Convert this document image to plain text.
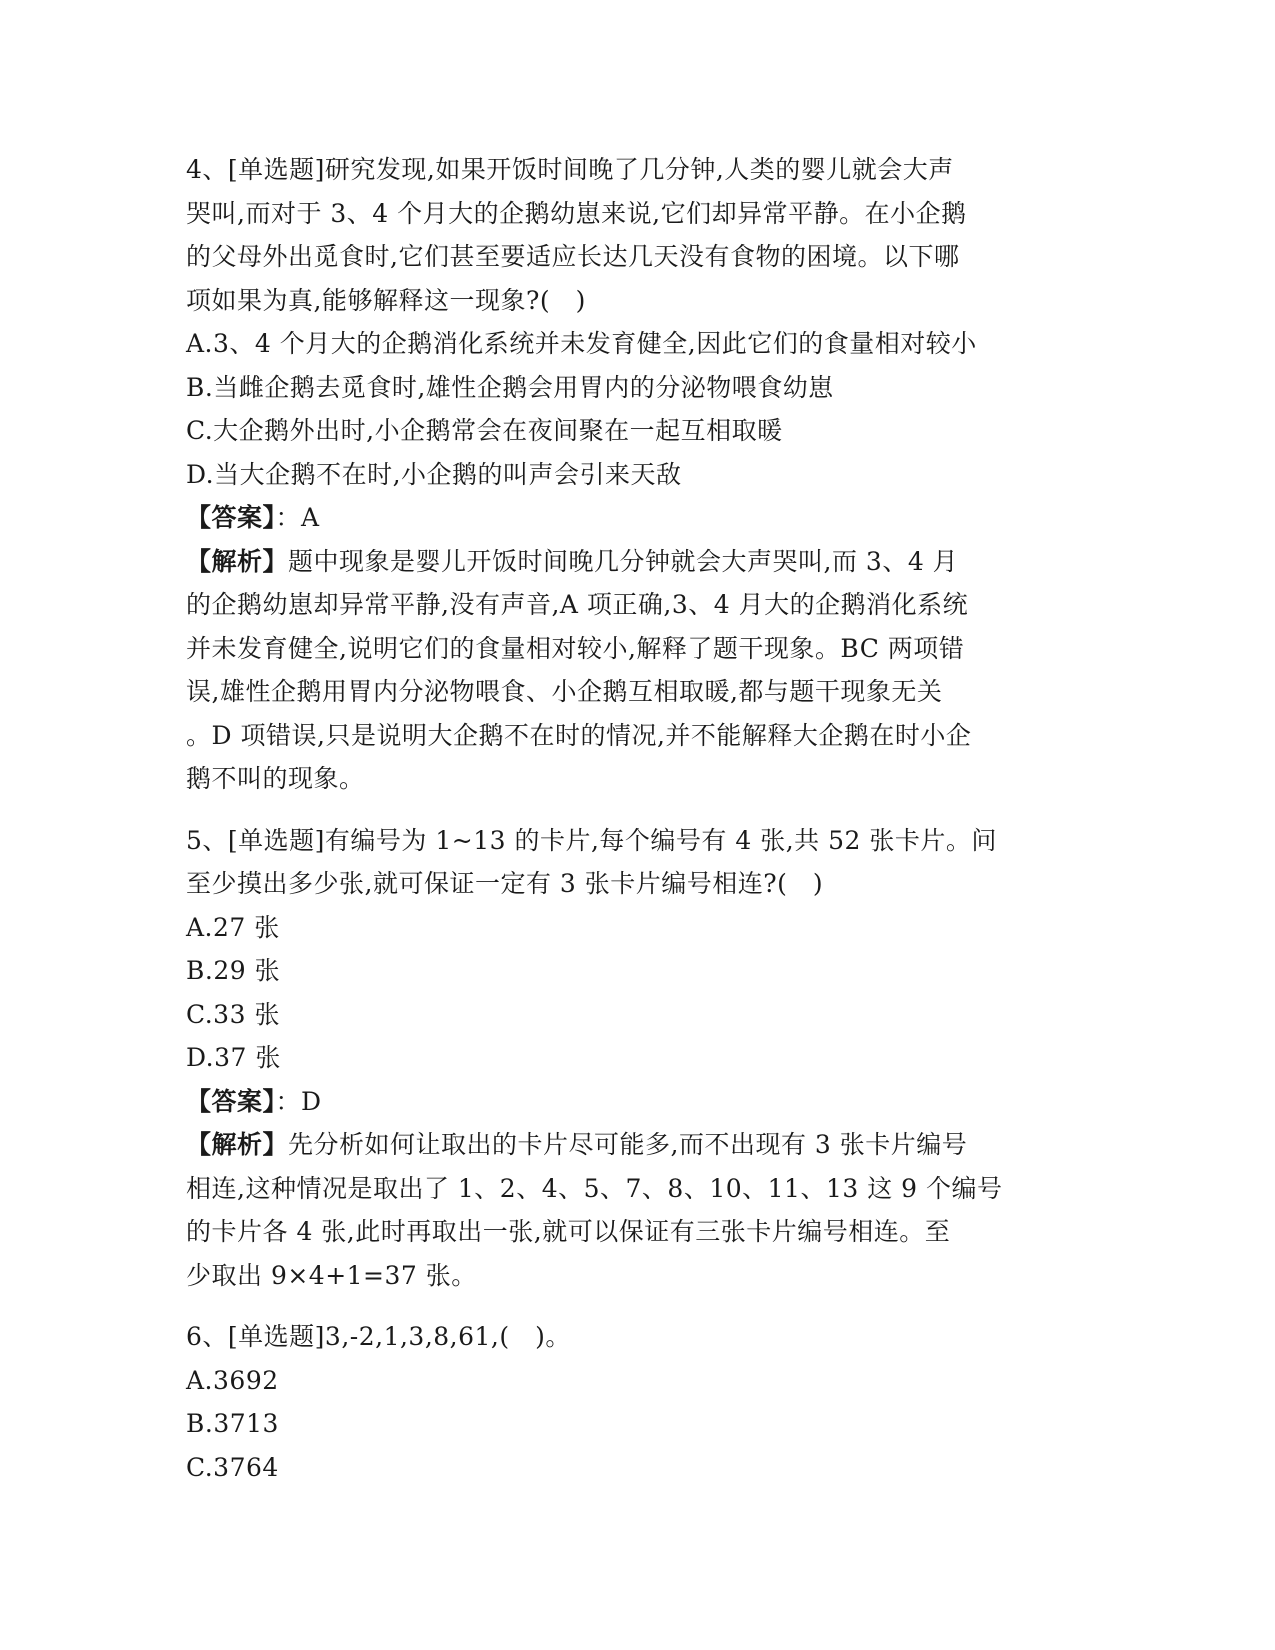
4、[单选题]研究发现,如果开饭时间晚了几分钟,人类的婴儿就会大声
哭叫,而对于 3、4 个月大的企鹅幼崽来说,它们却异常平静。在小企鹅
的父母外出觅食时,它们甚至要适应长达几天没有食物的困境。以下哪
项如果为真,能够解释这一现象?(　)
A.3、4 个月大的企鹅消化系统并未发育健全,因此它们的食量相对较小
B.当雌企鹅去觅食时,雄性企鹅会用胃内的分泌物喂食幼崽
C.大企鹅外出时,小企鹅常会在夜间聚在一起互相取暖
D.当大企鹅不在时,小企鹅的叫声会引来天敌
【答案】：A
【解析】题中现象是婴儿开饭时间晚几分钟就会大声哭叫,而 3、4 月
的企鹅幼崽却异常平静,没有声音,A 项正确,3、4 月大的企鹅消化系统
并未发育健全,说明它们的食量相对较小,解释了题干现象。BC 两项错
误,雄性企鹅用胃内分泌物喂食、小企鹅互相取暖,都与题干现象无关
。D 项错误,只是说明大企鹅不在时的情况,并不能解释大企鹅在时小企
鹅不叫的现象。
5、[单选题]有编号为 1~13 的卡片,每个编号有 4 张,共 52 张卡片。问
至少摸出多少张,就可保证一定有 3 张卡片编号相连?(　)
A.27 张
B.29 张
C.33 张
D.37 张
【答案】：D
【解析】先分析如何让取出的卡片尽可能多,而不出现有 3 张卡片编号
相连,这种情况是取出了 1、2、4、5、7、8、10、11、13 这 9 个编号
的卡片各 4 张,此时再取出一张,就可以保证有三张卡片编号相连。至
少取出 9×4+1=37 张。
6、[单选题]3,-2,1,3,8,61,(　)。
A.3692
B.3713
C.3764
